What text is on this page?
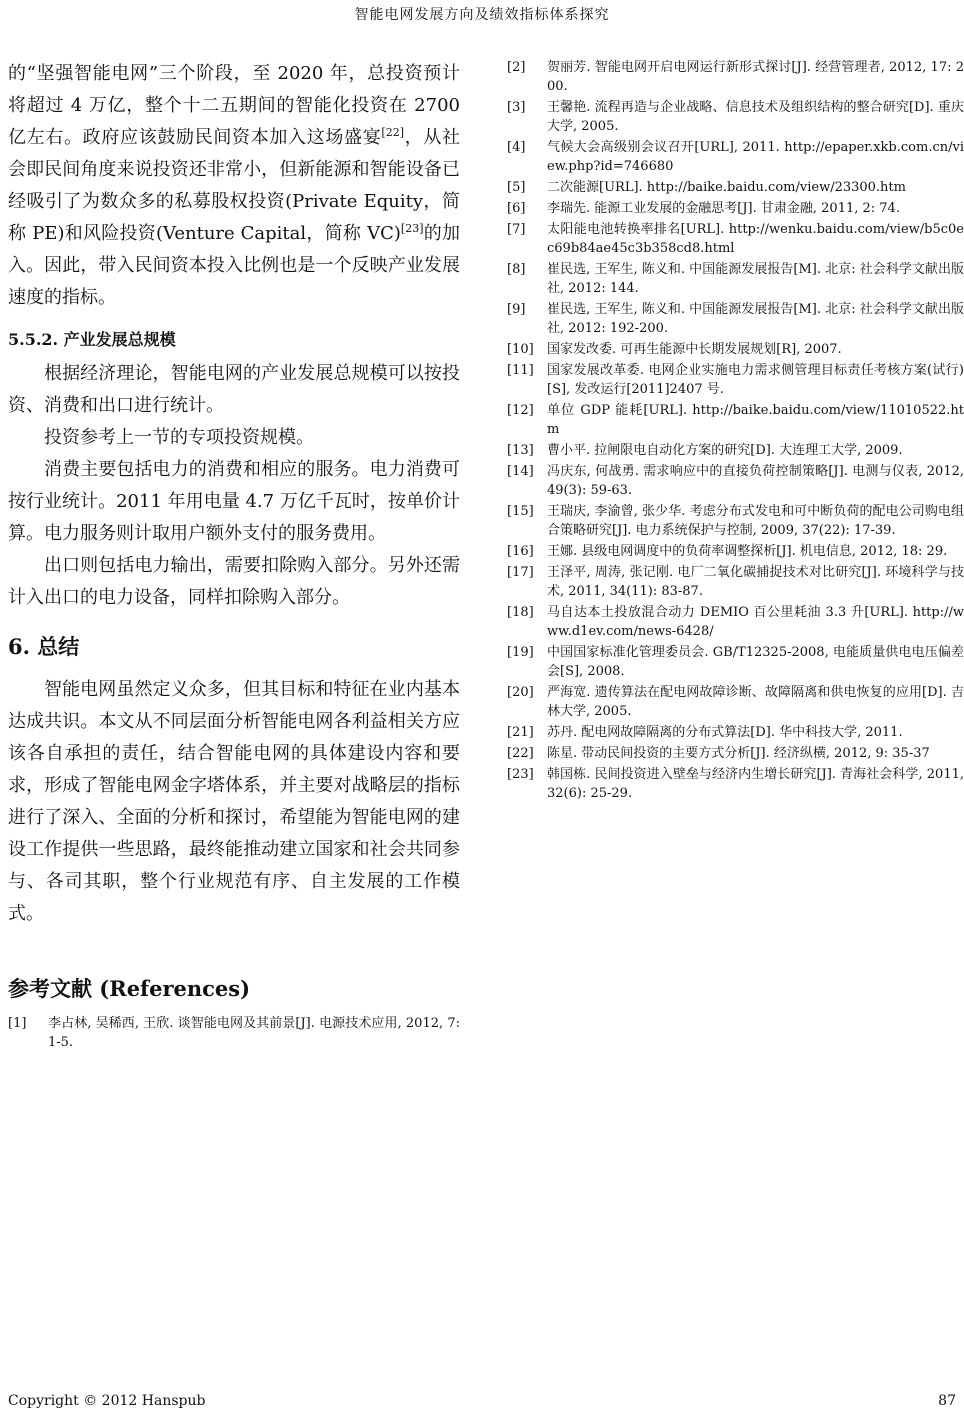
智能电网发展方向及绩效指标体系探究

的“坚强智能电网”三个阶段，至 2020 年，总投资预计将超过 4 万亿，整个十二五期间的智能化投资在 2700 亿左右。政府应该鼓励民间资本加入这场盛宴[22]，从社会即民间角度来说投资还非常小，但新能源和智能设备已经吸引了为数众多的私募股权投资(Private Equity，简称 PE)和风险投资(Venture Capital，简称 VC)[23]的加入。因此，带入民间资本投入比例也是一个反映产业发展速度的指标。

5.5.2. 产业发展总规模

根据经济理论，智能电网的产业发展总规模可以按投资、消费和出口进行统计。

投资参考上一节的专项投资规模。

消费主要包括电力的消费和相应的服务。电力消费可按行业统计。2011 年用电量 4.7 万亿千瓦时，按单价计算。电力服务则计取用户额外支付的服务费用。

出口则包括电力输出，需要扣除购入部分。另外还需计入出口的电力设备，同样扣除购入部分。

6. 总结

智能电网虽然定义众多，但其目标和特征在业内基本达成共识。本文从不同层面分析智能电网各利益相关方应该各自承担的责任，结合智能电网的具体建设内容和要求，形成了智能电网金字塔体系，并主要对战略层的指标进行了深入、全面的分析和探讨，希望能为智能电网的建设工作提供一些思路，最终能推动建立国家和社会共同参与、各司其职，整个行业规范有序、自主发展的工作模式。

参考文献 (References)
[1]	李占林, 吴稀西, 王欣. 谈智能电网及其前景[J]. 电源技术应用, 2012, 7: 1-5.
[2]	贺丽芳. 智能电网开启电网运行新形式探讨[J]. 经营管理者, 2012, 17: 200.
[3]	王馨艳. 流程再造与企业战略、信息技术及组织结构的整合研究[D]. 重庆大学, 2005.
[4]	气候大会高级别会议召开[URL], 2011. http://epaper.xkb.com.cn/view.php?id=746680
[5]	二次能源[URL]. http://baike.baidu.com/view/23300.htm
[6]	李瑞先. 能源工业发展的金融思考[J]. 甘肃金融, 2011, 2: 74.
[7]	太阳能电池转换率排名[URL]. http://wenku.baidu.com/view/b5c0ec69b84ae45c3b358cd8.html
[8]	崔民选, 王军生, 陈义和. 中国能源发展报告[M]. 北京: 社会科学文献出版社, 2012: 144.
[9]	崔民选, 王军生, 陈义和. 中国能源发展报告[M]. 北京: 社会科学文献出版社, 2012: 192-200.
[10]	国家发改委. 可再生能源中长期发展规划[R], 2007.
[11]	国家发展改革委. 电网企业实施电力需求侧管理目标责任考核方案(试行)[S], 发改运行[2011]2407 号.
[12]	单位 GDP 能耗[URL]. http://baike.baidu.com/view/11010522.htm
[13]	曹小平. 拉闸限电自动化方案的研究[D]. 大连理工大学, 2009.
[14]	冯庆东, 何战勇. 需求响应中的直接负荷控制策略[J]. 电测与仪表, 2012, 49(3): 59-63.
[15]	王瑞庆, 李渝曾, 张少华. 考虑分布式发电和可中断负荷的配电公司购电组合策略研究[J]. 电力系统保护与控制, 2009, 37(22): 17-39.
[16]	王娜. 县级电网调度中的负荷率调整探析[J]. 机电信息, 2012, 18: 29.
[17]	王泽平, 周涛, 张记刚. 电厂二氧化碳捕捉技术对比研究[J]. 环境科学与技术, 2011, 34(11): 83-87.
[18]	马自达本土投放混合动力 DEMIO 百公里耗油 3.3 升[URL]. http://www.d1ev.com/news-6428/
[19]	中国国家标准化管理委员会. GB/T12325-2008, 电能质量供电电压偏差会[S], 2008.
[20]	严海宽. 遗传算法在配电网故障诊断、故障隔离和供电恢复的应用[D]. 吉林大学, 2005.
[21]	苏丹. 配电网故障隔离的分布式算法[D]. 华中科技大学, 2011.
[22]	陈星. 带动民间投资的主要方式分析[J]. 经济纵横, 2012, 9: 35-37
[23]	韩国栋. 民间投资进入壁垒与经济内生增长研究[J]. 青海社会科学, 2011, 32(6): 25-29.
Copyright © 2012 Hanspub	87
